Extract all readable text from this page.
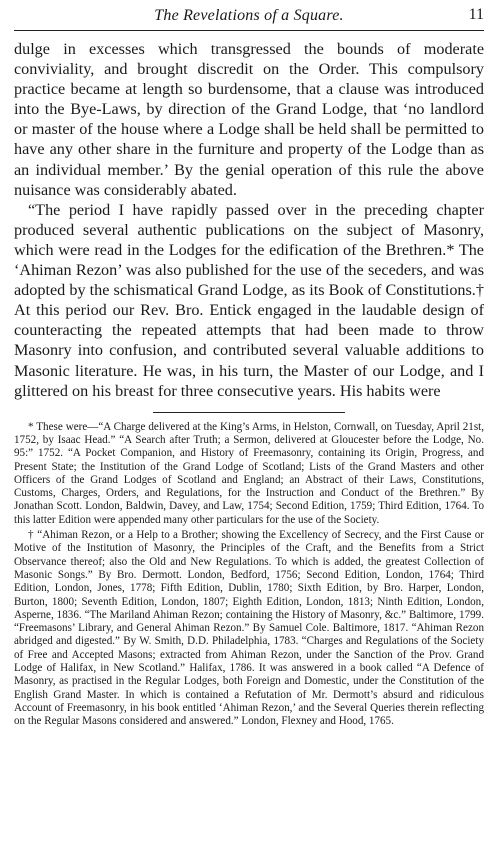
The Revelations of a Square.	11

dulge in excesses which transgressed the bounds of moderate conviviality, and brought discredit on the Order. This compulsory practice became at length so burdensome, that a clause was introduced into the Bye-Laws, by direction of the Grand Lodge, that ‘no landlord or master of the house where a Lodge shall be held shall be permitted to have any other share in the furniture and property of the Lodge than as an individual member.’ By the genial operation of this rule the above nuisance was considerably abated.

“The period I have rapidly passed over in the preceding chapter produced several authentic publications on the subject of Masonry, which were read in the Lodges for the edification of the Brethren.* The ‘Ahiman Rezon’ was also published for the use of the seceders, and was adopted by the schismatical Grand Lodge, as its Book of Constitutions.† At this period our Rev. Bro. Entick engaged in the laudable design of counteracting the repeated attempts that had been made to throw Masonry into confusion, and contributed several valuable additions to Masonic literature. He was, in his turn, the Master of our Lodge, and I glittered on his breast for three consecutive years. His habits were

* These were—“A Charge delivered at the King’s Arms, in Helston, Cornwall, on Tuesday, April 21st, 1752, by Isaac Head.” “A Search after Truth; a Sermon, delivered at Gloucester before the Lodge, No. 95:” 1752. “A Pocket Companion, and History of Freemasonry, containing its Origin, Progress, and Present State; the Institution of the Grand Lodge of Scotland; Lists of the Grand Masters and other Officers of the Grand Lodges of Scotland and England; an Abstract of their Laws, Constitutions, Customs, Charges, Orders, and Regulations, for the Instruction and Conduct of the Brethren.” By Jonathan Scott. London, Baldwin, Davey, and Law, 1754; Second Edition, 1759; Third Edition, 1764. To this latter Edition were appended many other particulars for the use of the Society.

† “Ahiman Rezon, or a Help to a Brother; showing the Excellency of Secrecy, and the First Cause or Motive of the Institution of Masonry, the Principles of the Craft, and the Benefits from a Strict Observance thereof; also the Old and New Regulations. To which is added, the greatest Collection of Masonic Songs.” By Bro. Dermott. London, Bedford, 1756; Second Edition, London, 1764; Third Edition, London, Jones, 1778; Fifth Edition, Dublin, 1780; Sixth Edition, by Bro. Harper, London, Burton, 1800; Seventh Edition, London, 1807; Eighth Edition, London, 1813; Ninth Edition, London, Asperne, 1836. “The Mariland Ahiman Rezon; containing the History of Masonry, &c.” Baltimore, 1799. “Freemasons’ Library, and General Ahiman Rezon.” By Samuel Cole. Baltimore, 1817. “Ahiman Rezon abridged and digested.” By W. Smith, D.D. Philadelphia, 1783. “Charges and Regulations of the Society of Free and Accepted Masons; extracted from Ahiman Rezon, under the Sanction of the Prov. Grand Lodge of Halifax, in New Scotland.” Halifax, 1786. It was answered in a book called “A Defence of Masonry, as practised in the Regular Lodges, both Foreign and Domestic, under the Constitution of the English Grand Master. In which is contained a Refutation of Mr. Dermott’s absurd and ridiculous Account of Freemasonry, in his book entitled ‘Ahiman Rezon,’ and the Several Queries therein reflecting on the Regular Masons considered and answered.” London, Flexney and Hood, 1765.
